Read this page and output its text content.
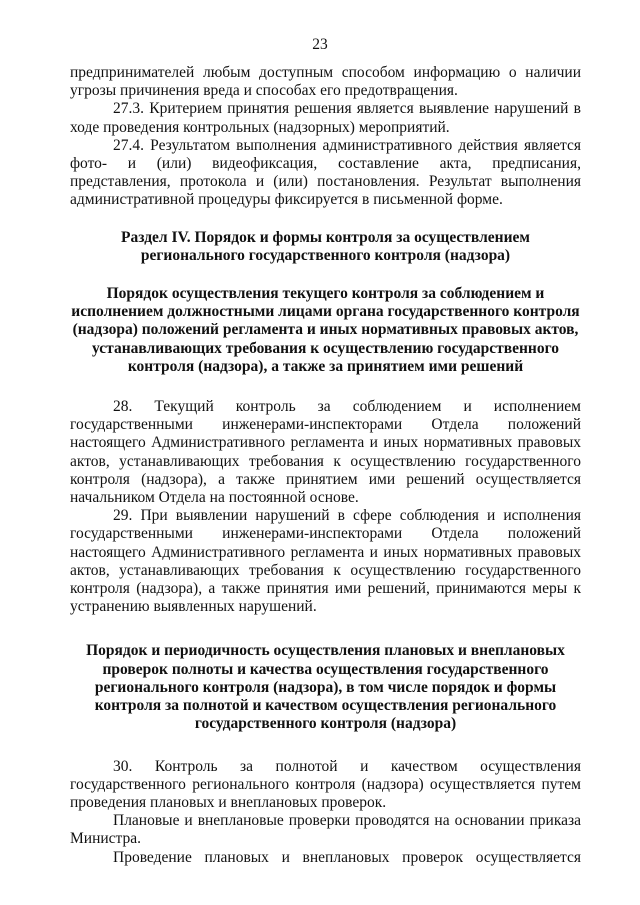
23

предпринимателей любым доступным способом информацию о наличии угрозы причинения вреда и способах его предотвращения.

27.3. Критерием принятия решения является выявление нарушений в ходе проведения контрольных (надзорных) мероприятий.

27.4. Результатом выполнения административного действия является фото- и (или) видеофиксация, составление акта, предписания, представления, протокола и (или) постановления. Результат выполнения административной процедуры фиксируется в письменной форме.

Раздел IV. Порядок и формы контроля за осуществлением регионального государственного контроля (надзора)

Порядок осуществления текущего контроля за соблюдением и исполнением должностными лицами органа государственного контроля (надзора) положений регламента и иных нормативных правовых актов, устанавливающих требования к осуществлению государственного контроля (надзора), а также за принятием ими решений

28. Текущий контроль за соблюдением и исполнением государственными инженерами-инспекторами Отдела положений настоящего Административного регламента и иных нормативных правовых актов, устанавливающих требования к осуществлению государственного контроля (надзора), а также принятием ими решений осуществляется начальником Отдела на постоянной основе.

29. При выявлении нарушений в сфере соблюдения и исполнения государственными инженерами-инспекторами Отдела положений настоящего Административного регламента и иных нормативных правовых актов, устанавливающих требования к осуществлению государственного контроля (надзора), а также принятия ими решений, принимаются меры к устранению выявленных нарушений.

Порядок и периодичность осуществления плановых и внеплановых проверок полноты и качества осуществления государственного регионального контроля (надзора), в том числе порядок и формы контроля за полнотой и качеством осуществления регионального государственного контроля (надзора)

30. Контроль за полнотой и качеством осуществления государственного регионального контроля (надзора) осуществляется путем проведения плановых и внеплановых проверок.

Плановые и внеплановые проверки проводятся на основании приказа Министра.

Проведение плановых и внеплановых проверок осуществляется
